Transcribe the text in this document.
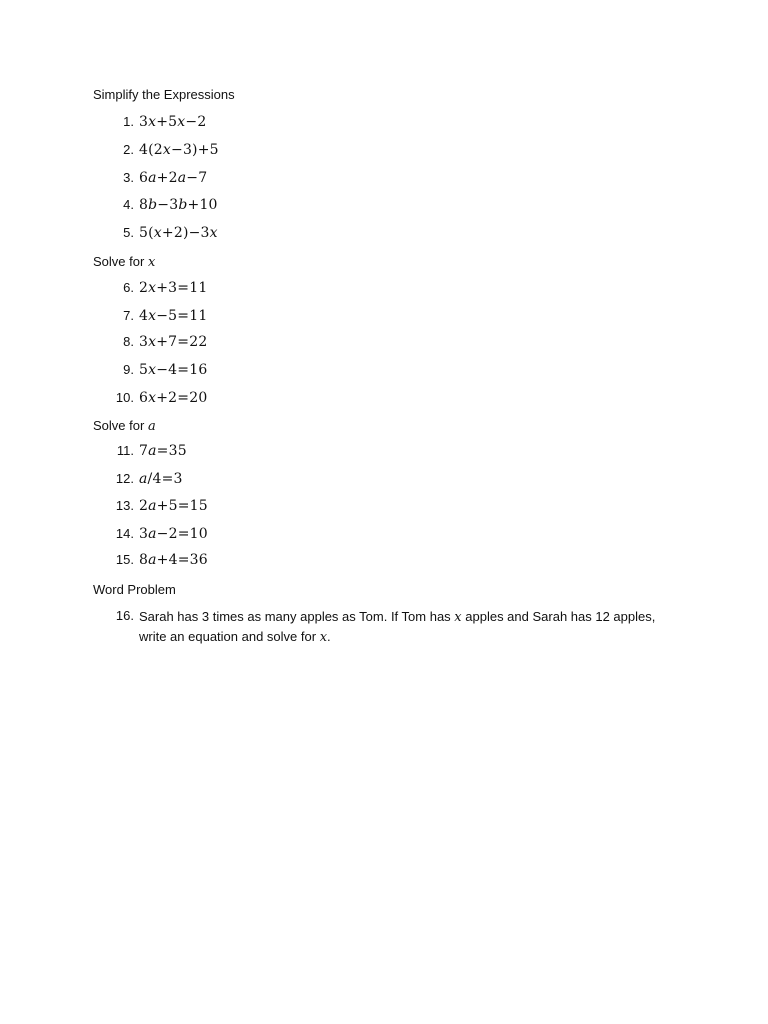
Simplify the Expressions

1. 3x+5x−2
2. 4(2x−3)+5
3. 6a+2a−7
4. 8b−3b+10
5. 5(x+2)−3x

Solve for x

6. 2x+3=11
7. 4x−5=11
8. 3x+7=22
9. 5x−4=16
10. 6x+2=20

Solve for a

11. 7a=35
12. a/4=3
13. 2a+5=15
14. 3a−2=10
15. 8a+4=36

Word Problem

16. Sarah has 3 times as many apples as Tom. If Tom has x apples and Sarah has 12 apples, write an equation and solve for x.
